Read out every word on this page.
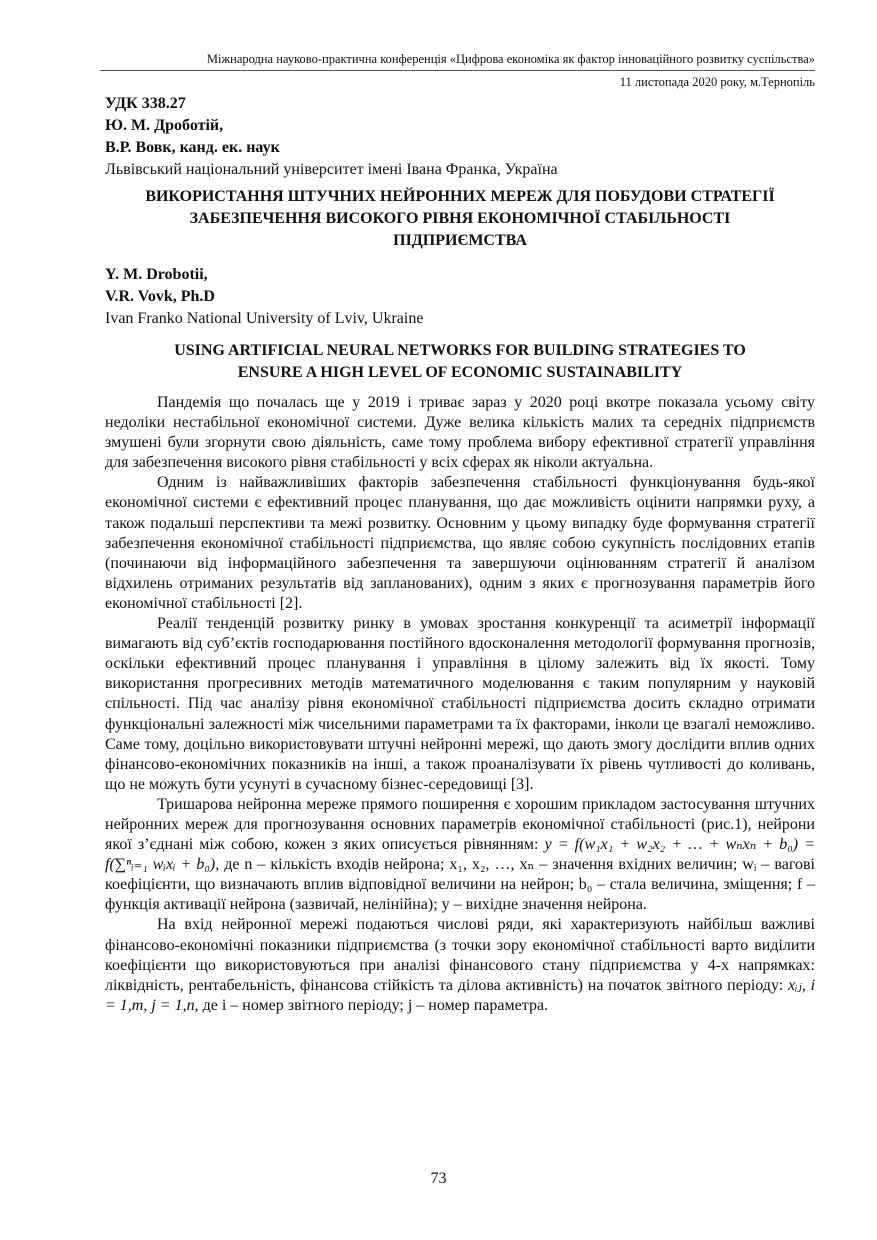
Міжнародна науково-практична конференція «Цифрова економіка як фактор інноваційного розвитку суспільства»
11 листопада 2020 року, м.Тернопіль
УДК 338.27
Ю. М. Дроботій,
В.Р. Вовк, канд. ек. наук
Львівський національний університет імені Івана Франка, Україна
ВИКОРИСТАННЯ ШТУЧНИХ НЕЙРОННИХ МЕРЕЖ ДЛЯ ПОБУДОВИ СТРАТЕГІЇ
ЗАБЕЗПЕЧЕННЯ ВИСОКОГО РІВНЯ ЕКОНОМІЧНОЇ СТАБІЛЬНОСТІ
ПІДПРИЄМСТВА
Y. M. Drobotii,
V.R. Vovk, Ph.D
Ivan Franko National University of Lviv, Ukraine
USING ARTIFICIAL NEURAL NETWORKS FOR BUILDING STRATEGIES TO
ENSURE A HIGH LEVEL OF ECONOMIC SUSTAINABILITY

Пандемія що почалась ще у 2019 і триває зараз у 2020 році вкотре показала усьому світу недоліки нестабільної економічної системи. Дуже велика кількість малих та середніх підприємств змушені були згорнути свою діяльність, саме тому проблема вибору ефективної стратегії управління для забезпечення високого рівня стабільності у всіх сферах як ніколи актуальна.

Одним із найважливіших факторів забезпечення стабільності функціонування будь-якої економічної системи є ефективний процес планування, що дає можливість оцінити напрямки руху, а також подальші перспективи та межі розвитку. Основним у цьому випадку буде формування стратегії забезпечення економічної стабільності підприємства, що являє собою сукупність послідовних етапів (починаючи від інформаційного забезпечення та завершуючи оцінюванням стратегії й аналізом відхилень отриманих результатів від запланованих), одним з яких є прогнозування параметрів його економічної стабільності [2].

Реалії тенденцій розвитку ринку в умовах зростання конкуренції та асиметрії інформації вимагають від суб’єктів господарювання постійного вдосконалення методології формування прогнозів, оскільки ефективний процес планування і управління в цілому залежить від їх якості. Тому використання прогресивних методів математичного моделювання є таким популярним у науковій спільності. Під час аналізу рівня економічної стабільності підприємства досить складно отримати функціональні залежності між чисельними параметрами та їх факторами, інколи це взагалі неможливо. Саме тому, доцільно використовувати штучні нейронні мережі, що дають змогу дослідити вплив одних фінансово-економічних показників на інші, а також проаналізувати їх рівень чутливості до коливань, що не можуть бути усунуті в сучасному бізнес-середовищі [3].

Тришарова нейронна мереже прямого поширення є хорошим прикладом застосування штучних нейронних мереж для прогнозування основних параметрів економічної стабільності (рис.1), нейрони якої з’єднані між собою, кожен з яких описується рівнянням: y = f(w₁x₁ + w₂x₂ + … + wₙxₙ + b₀) = f(∑ⁿᵢ₌₁ wᵢxᵢ + b₀), де n – кількість входів нейрона; x₁, x₂, …, xₙ – значення вхідних величин; wᵢ – вагові коефіцієнти, що визначають вплив відповідної величини на нейрон; b₀ – стала величина, зміщення; f – функція активації нейрона (зазвичай, нелінійна); y – вихідне значення нейрона.

На вхід нейронної мережі подаються числові ряди, які характеризують найбільш важливі фінансово-економічні показники підприємства (з точки зору економічної стабільності варто виділити коефіцієнти що використовуються при аналізі фінансового стану підприємства у 4-х напрямках: ліквідність, рентабельність, фінансова стійкість та ділова активність) на початок звітного періоду: xᵢⱼ, i = 1,m, j = 1,n, де i – номер звітного періоду; j – номер параметра.

73
